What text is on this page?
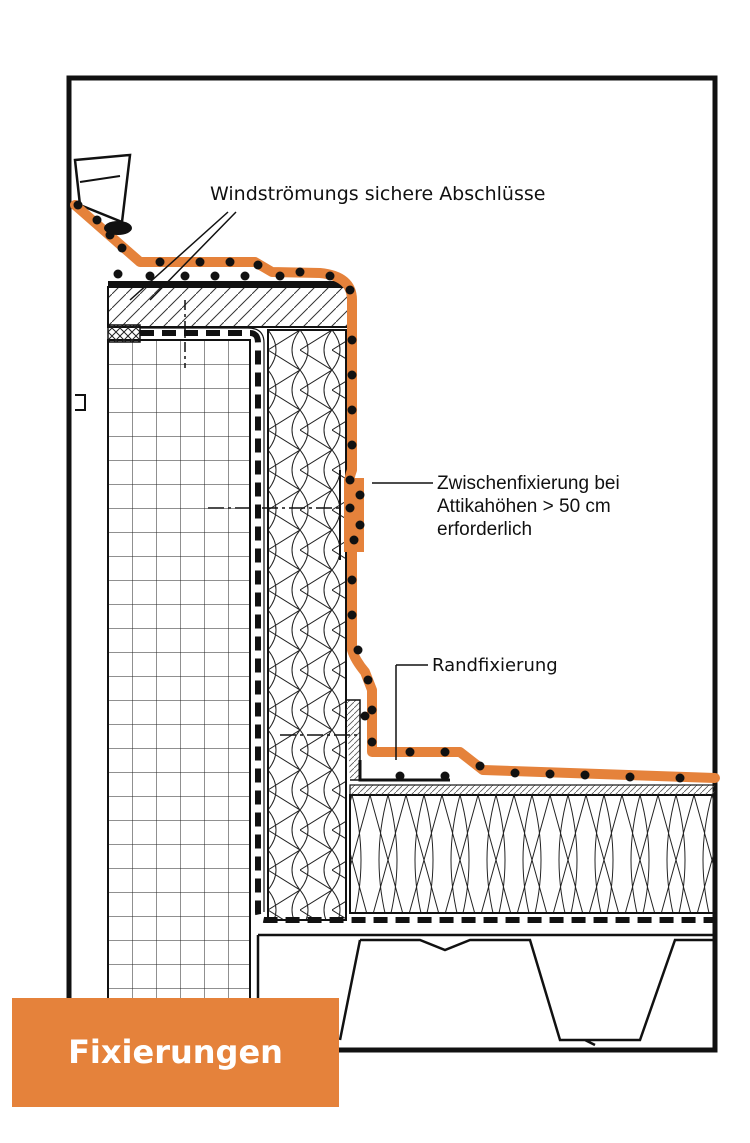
Windströmungs sichere Abschlüsse
Zwischenfixierung bei
Attikahöhen > 50 cm
erforderlich
Randfixierung
Fixierungen
